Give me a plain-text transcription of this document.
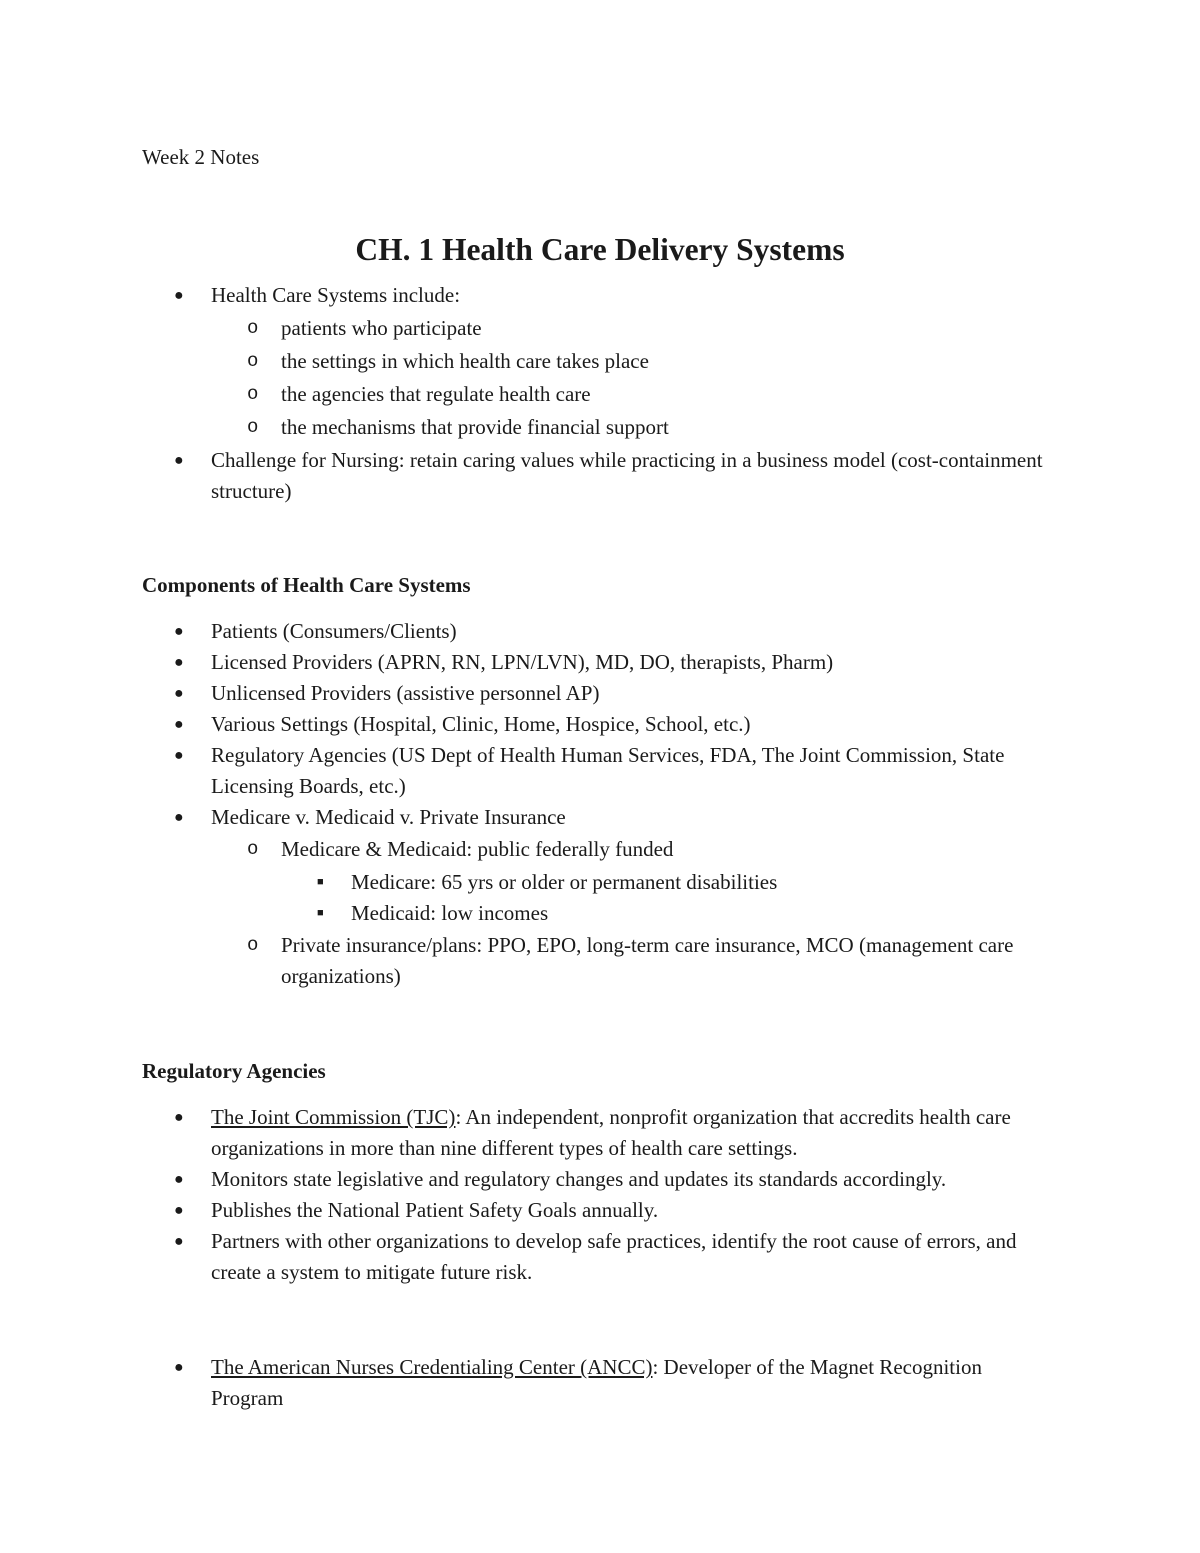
Week 2 Notes
CH. 1 Health Care Delivery Systems
● Health Care Systems include:
o patients who participate
o the settings in which health care takes place
o the agencies that regulate health care
o the mechanisms that provide financial support
● Challenge for Nursing: retain caring values while practicing in a business model (cost-containment structure)
Components of Health Care Systems
● Patients (Consumers/Clients)
● Licensed Providers (APRN, RN, LPN/LVN), MD, DO, therapists, Pharm)
● Unlicensed Providers (assistive personnel AP)
● Various Settings (Hospital, Clinic, Home, Hospice, School, etc.)
● Regulatory Agencies (US Dept of Health Human Services, FDA, The Joint Commission, State Licensing Boards, etc.)
● Medicare v. Medicaid v. Private Insurance
o Medicare & Medicaid: public federally funded
■ Medicare: 65 yrs or older or permanent disabilities
■ Medicaid: low incomes
o Private insurance/plans: PPO, EPO, long-term care insurance, MCO (management care organizations)
Regulatory Agencies
● The Joint Commission (TJC): An independent, nonprofit organization that accredits health care organizations in more than nine different types of health care settings.
● Monitors state legislative and regulatory changes and updates its standards accordingly.
● Publishes the National Patient Safety Goals annually.
● Partners with other organizations to develop safe practices, identify the root cause of errors, and create a system to mitigate future risk.
● The American Nurses Credentialing Center (ANCC): Developer of the Magnet Recognition Program
